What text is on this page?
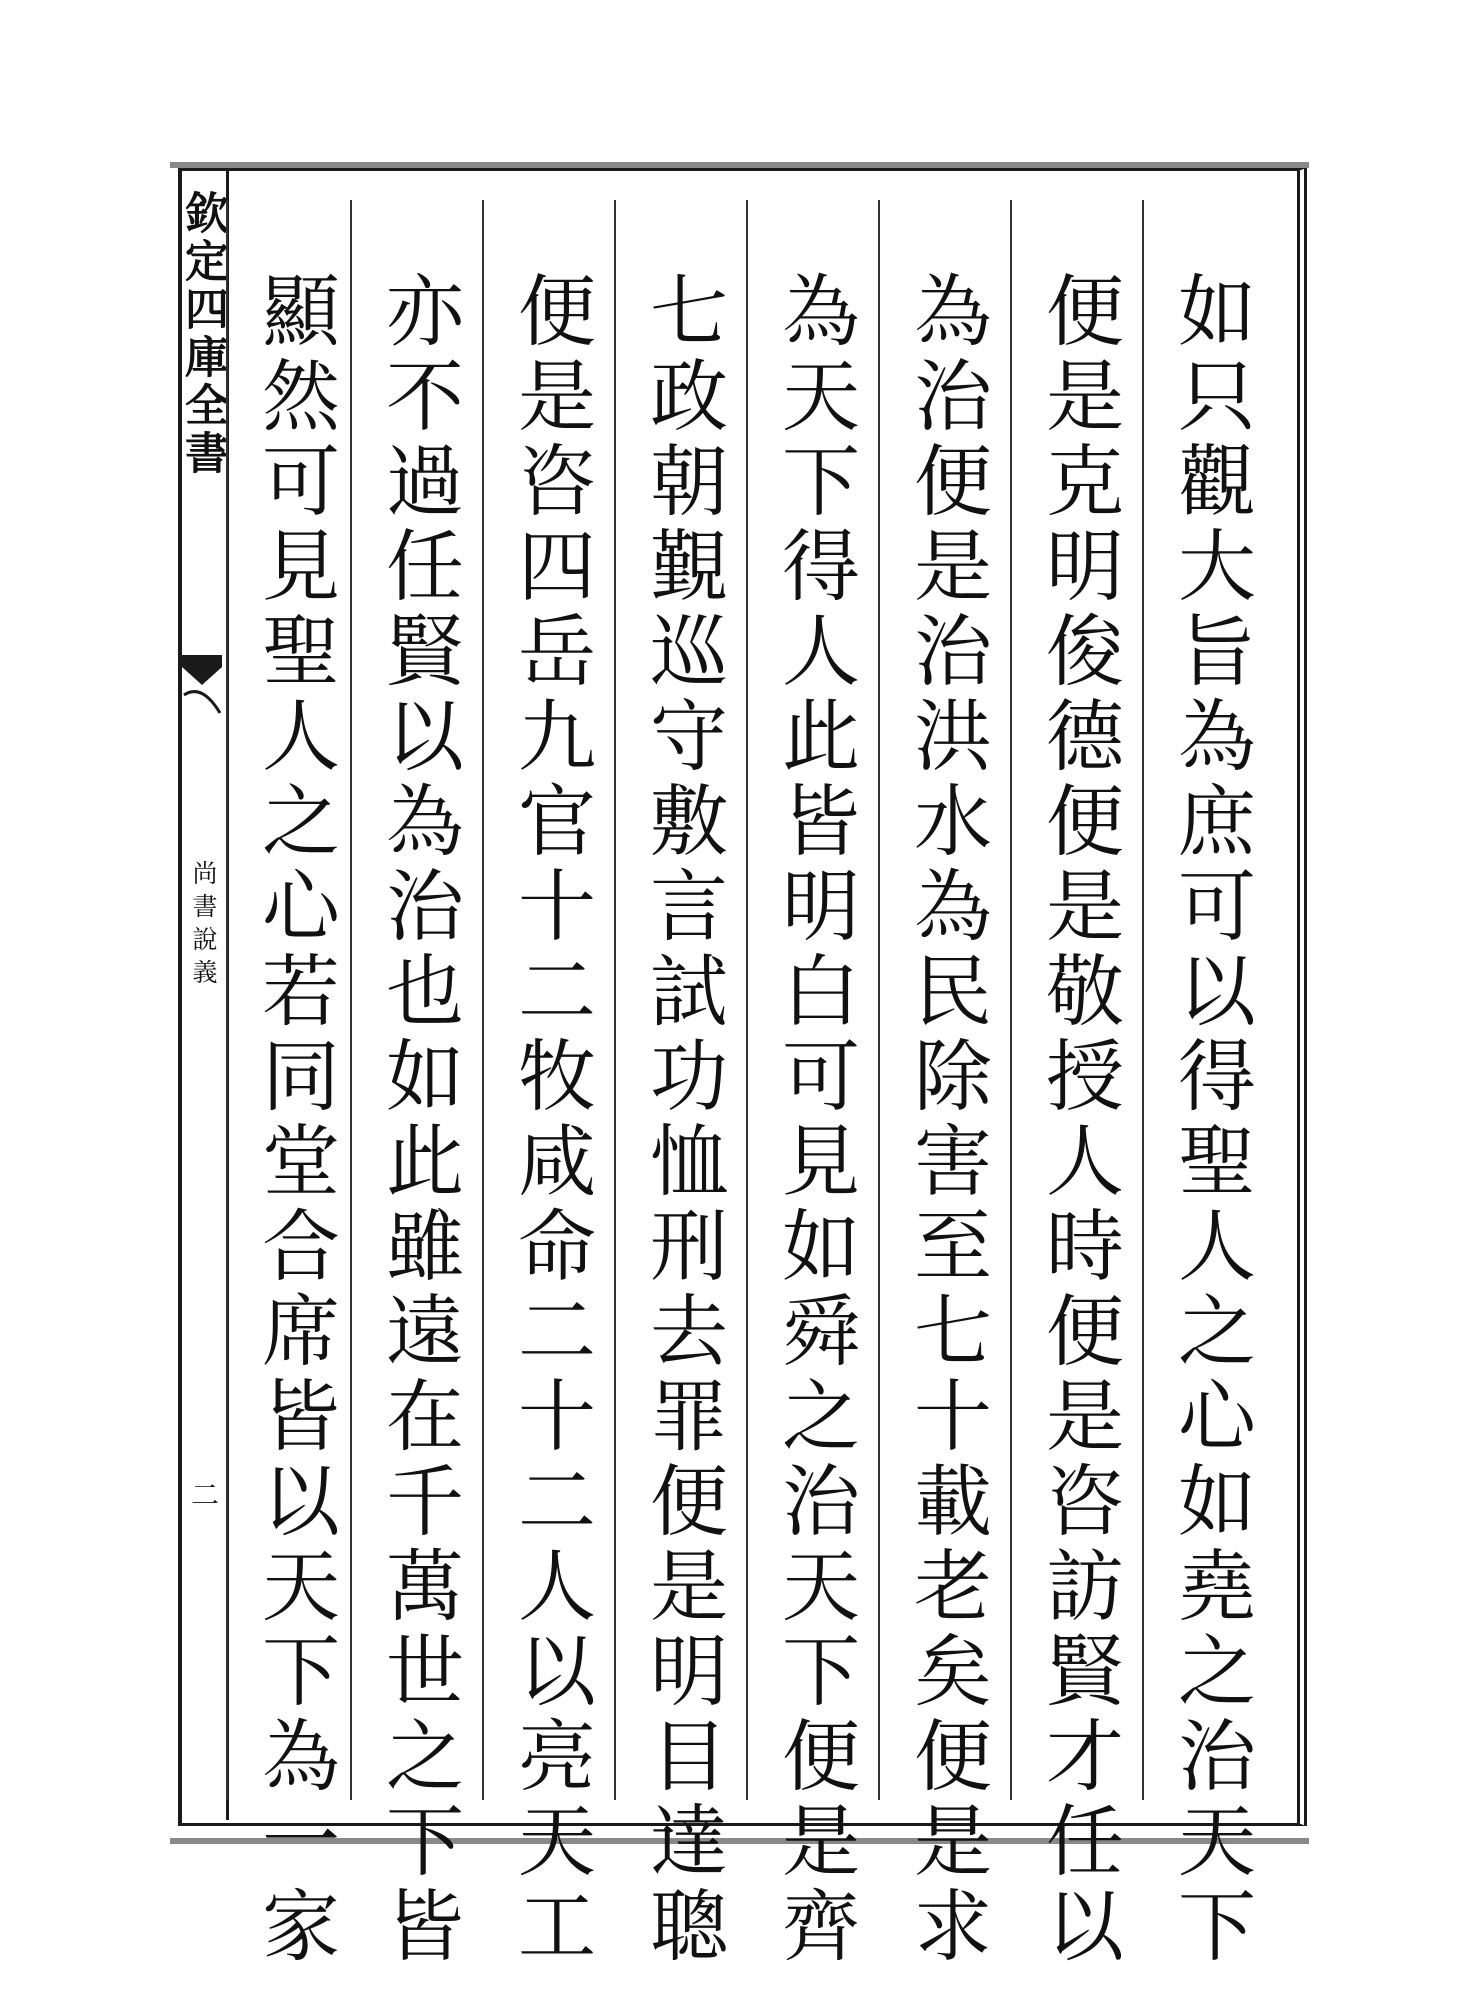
欽定四庫全書
尚書說義
二	如只觀大旨為庶可以得聖人之心如堯之治天下
便是克明俊德便是敬授人時便是咨訪賢才任以
為治便是治洪水為民除害至七十載老矣便是求
為天下得人此皆明白可見如舜之治天下便是齊
七政朝覲巡守敷言試功恤刑去罪便是明目達聰
便是咨四岳九官十二牧咸命二十二人以亮天工
亦不過任賢以為治也如此雖遠在千萬世之下皆
顯然可見聖人之心若同堂合席皆以天下為一家
